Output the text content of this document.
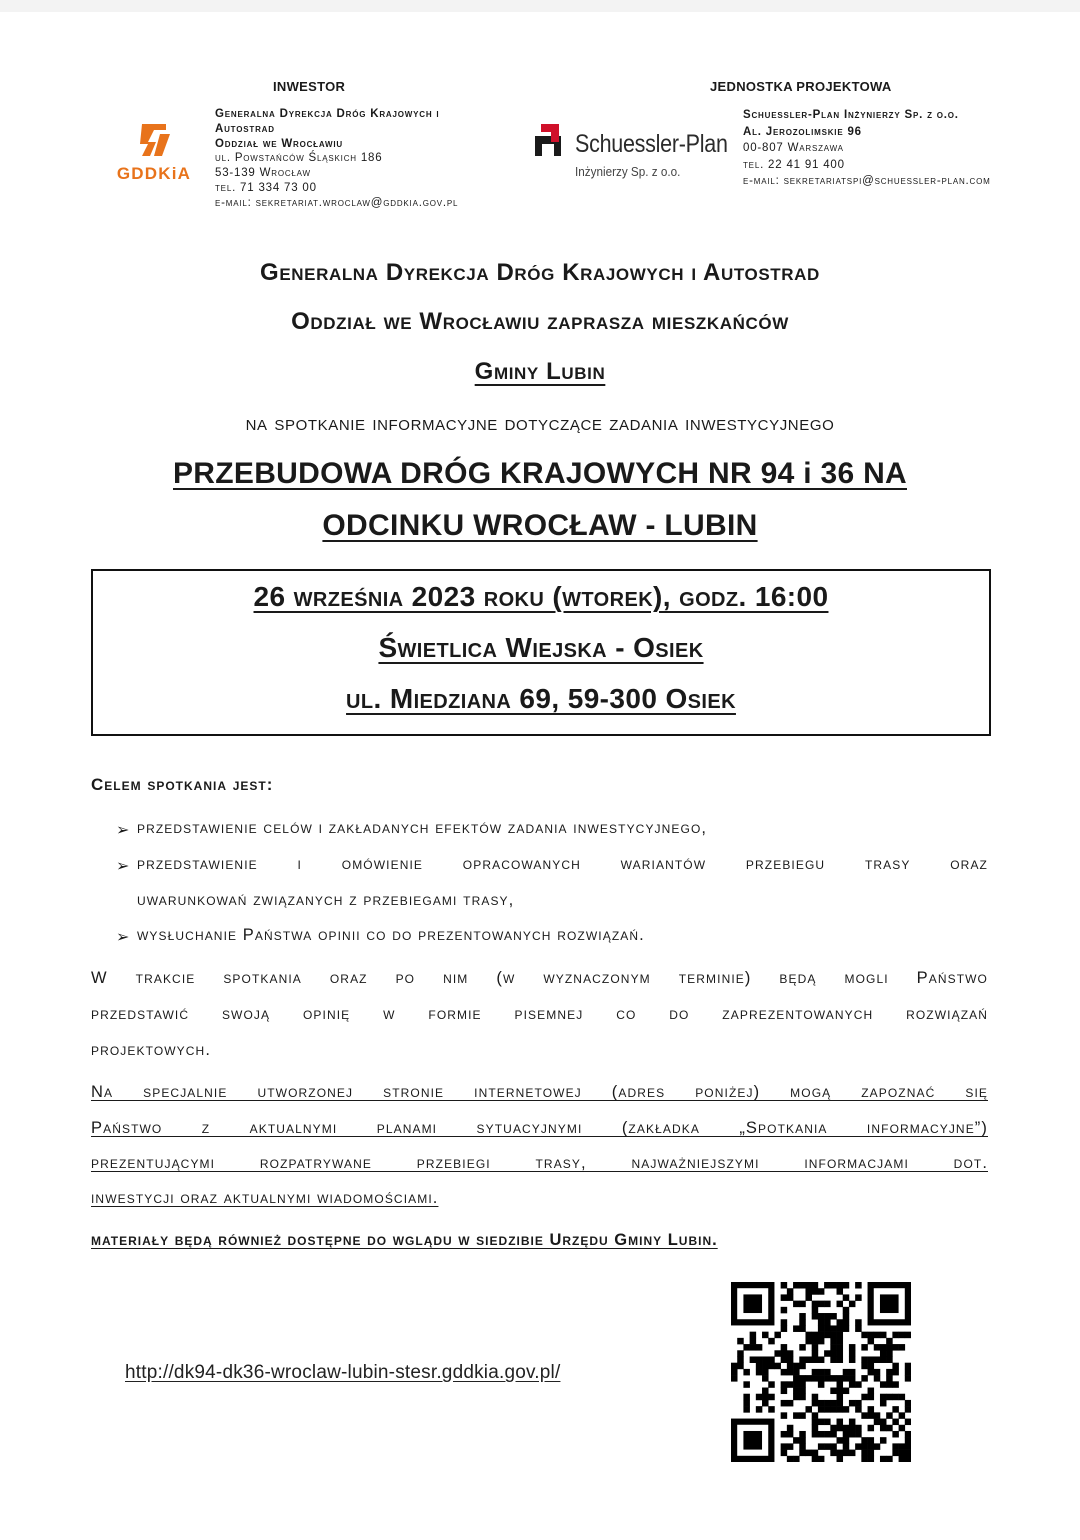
INWESTOR	JEDNOSTKA PROJEKTOWA
GDDKiA
Generalna Dyrekcja Dróg Krajowych i
Autostrad
Oddział we Wrocławiu
ul. Powstańców Śląskich 186
53-139 Wrocław
tel. 71 334 73 00
e-mail: sekretariat.wroclaw@gddkia.gov.pl
Schuessler-Plan
Inżynierzy Sp. z o.o.
Schuessler-Plan Inżynierzy Sp. z o.o.
Al. Jerozolimskie 96
00-807 Warszawa
tel. 22 41 91 400
e-mail: sekretariatspi@schuessler-plan.com
Generalna Dyrekcja Dróg Krajowych i Autostrad
Oddział we Wrocławiu zaprasza mieszkańców
Gminy Lubin
na spotkanie informacyjne dotyczące zadania inwestycyjnego
PRZEBUDOWA DRÓG KRAJOWYCH NR 94 i 36 NA
ODCINKU WROCŁAW - LUBIN
26 września 2023 roku (wtorek), godz. 16:00
Świetlica Wiejska - Osiek
ul. Miedziana 69, 59-300 Osiek
Celem spotkania jest:
➢ przedstawienie celów i zakładanych efektów zadania inwestycyjnego,
➢ przedstawienie i omówienie opracowanych wariantów przebiegu trasy oraz
uwarunkowań związanych z przebiegami trasy,
➢ wysłuchanie Państwa opinii co do prezentowanych rozwiązań.
W trakcie spotkania oraz po nim (w wyznaczonym terminie) będą mogli Państwo
przedstawić swoją opinię w formie pisemnej co do zaprezentowanych rozwiązań
projektowych.
Na specjalnie utworzonej stronie internetowej (adres poniżej) mogą zapoznać się
Państwo z aktualnymi planami sytuacyjnymi (zakładka „Spotkania informacyjne”)
prezentującymi rozpatrywane przebiegi trasy, najważniejszymi informacjami dot.
inwestycji oraz aktualnymi wiadomościami.
materiały będą również dostępne do wglądu w siedzibie Urzędu Gminy Lubin.
http://dk94-dk36-wroclaw-lubin-stesr.gddkia.gov.pl/
